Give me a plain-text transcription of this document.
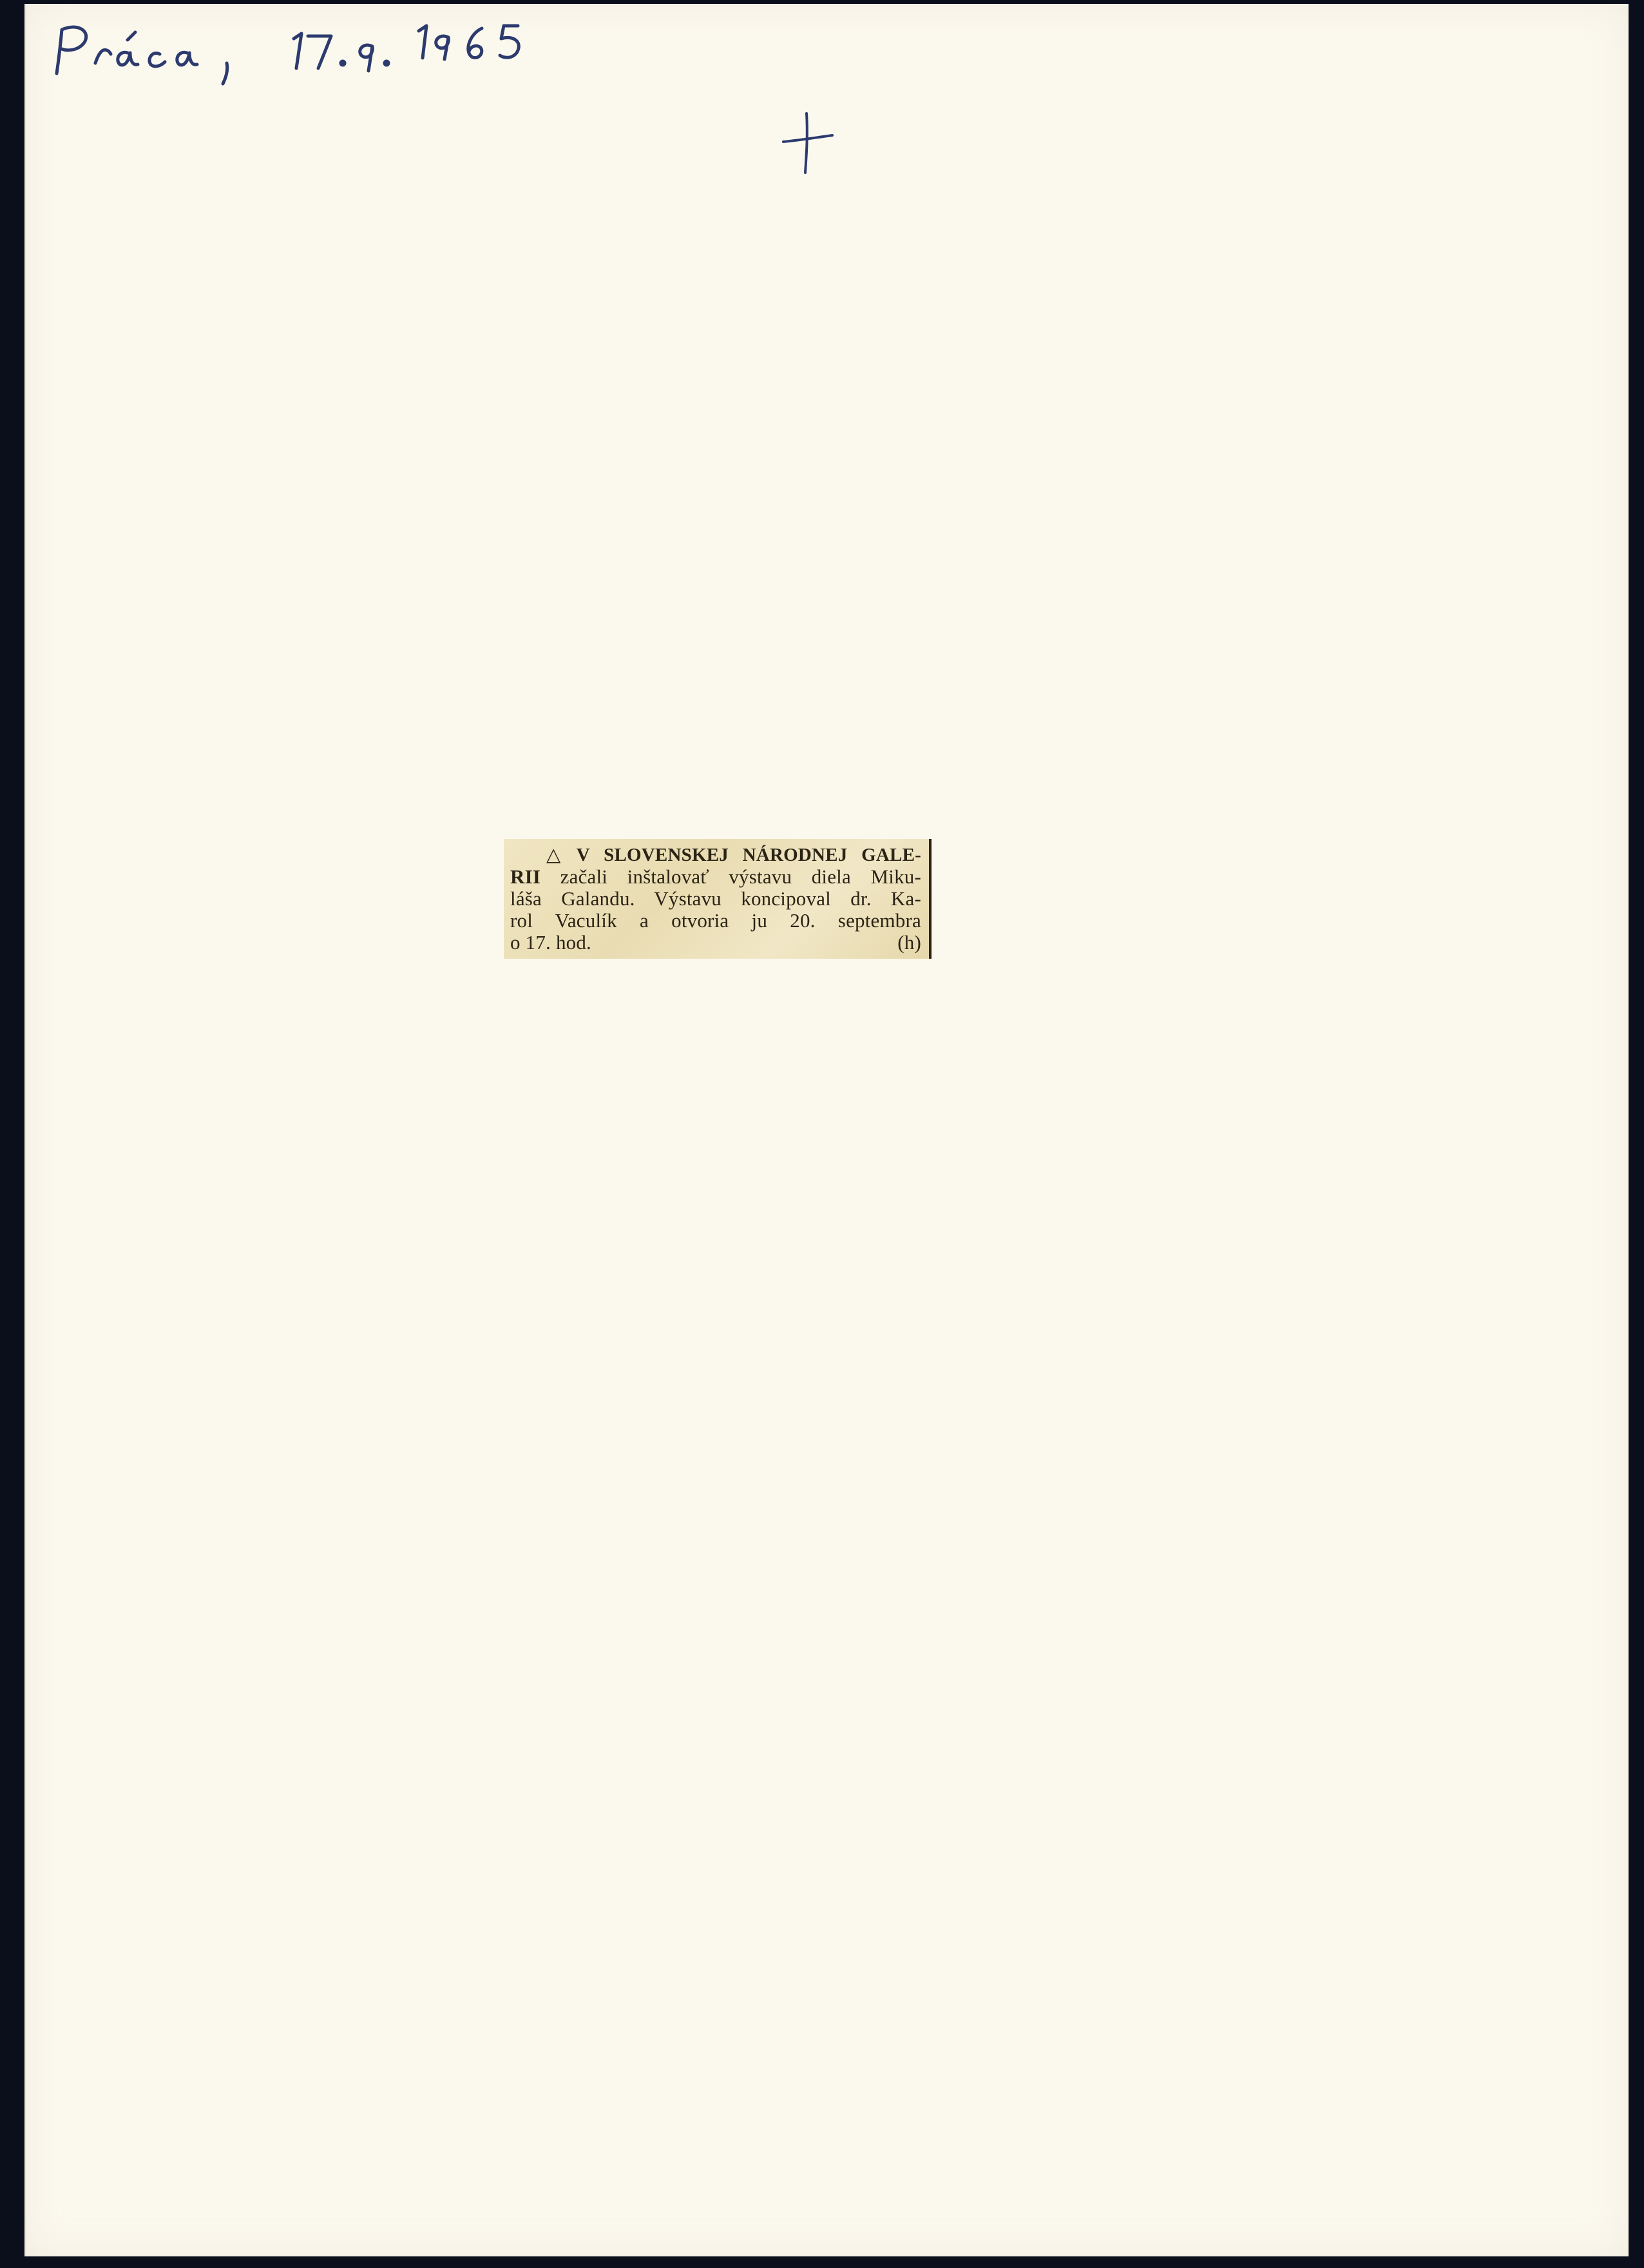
△ V SLOVENSKEJ NÁRODNEJ GALE-
RII začali inštalovať výstavu diela Miku-
láša Galandu. Výstavu koncipoval dr. Ka-
rol Vaculík a otvoria ju 20. septembra
o 17. hod.	(h)
